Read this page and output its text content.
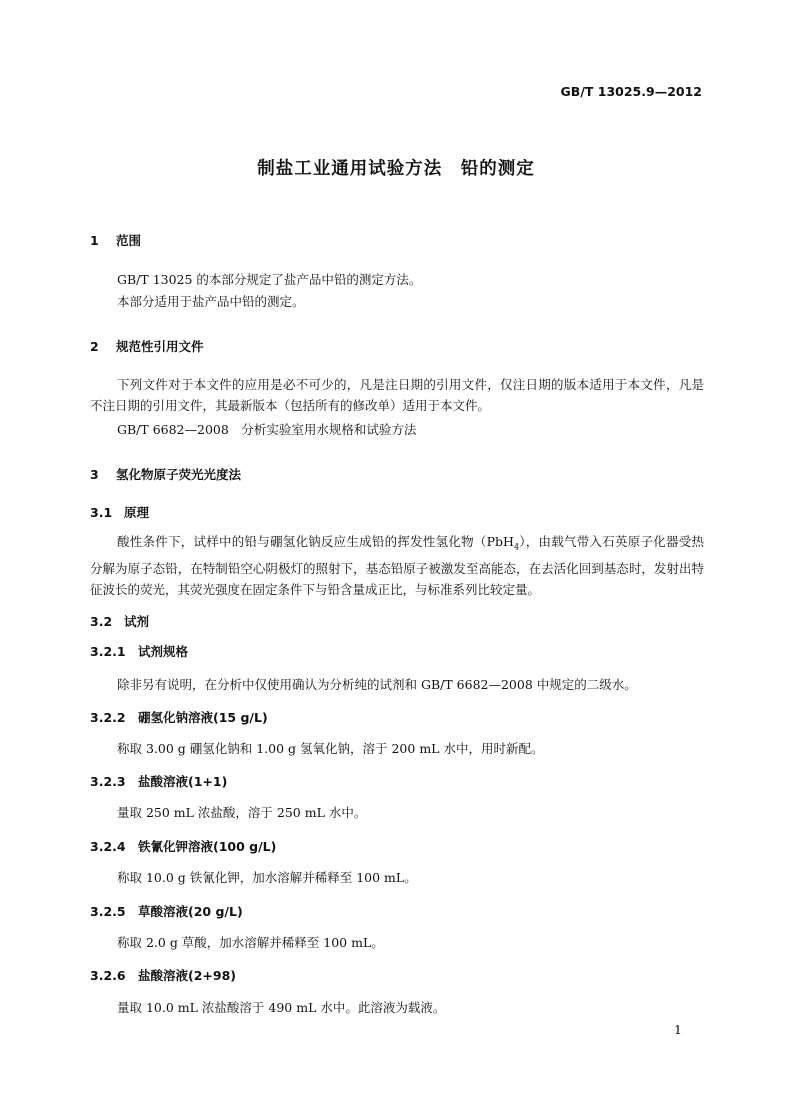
GB/T 13025.9—2012
制盐工业通用试验方法　铅的测定
1 范围
GB/T 13025 的本部分规定了盐产品中铅的测定方法。
本部分适用于盐产品中铅的测定。
2 规范性引用文件
下列文件对于本文件的应用是必不可少的，凡是注日期的引用文件，仅注日期的版本适用于本文件，凡是不注日期的引用文件，其最新版本（包括所有的修改单）适用于本文件。
GB/T 6682—2008　分析实验室用水规格和试验方法
3 氢化物原子荧光光度法
3.1 原理
酸性条件下，试样中的铅与硼氢化钠反应生成铅的挥发性氢化物（PbH$_4$），由载气带入石英原子化器受热分解为原子态铅，在特制铅空心阴极灯的照射下，基态铅原子被激发至高能态，在去活化回到基态时，发射出特征波长的荧光，其荧光强度在固定条件下与铅含量成正比，与标准系列比较定量。
3.2 试剂
3.2.1 试剂规格
除非另有说明，在分析中仅使用确认为分析纯的试剂和 GB/T 6682—2008 中规定的二级水。
3.2.2 硼氢化钠溶液(15 g/L)
称取 3.00 g 硼氢化钠和 1.00 g 氢氧化钠，溶于 200 mL 水中，用时新配。
3.2.3 盐酸溶液(1+1)
量取 250 mL 浓盐酸，溶于 250 mL 水中。
3.2.4 铁氰化钾溶液(100 g/L)
称取 10.0 g 铁氰化钾，加水溶解并稀释至 100 mL。
3.2.5 草酸溶液(20 g/L)
称取 2.0 g 草酸，加水溶解并稀释至 100 mL。
3.2.6 盐酸溶液(2+98)
量取 10.0 mL 浓盐酸溶于 490 mL 水中。此溶液为载液。
1
